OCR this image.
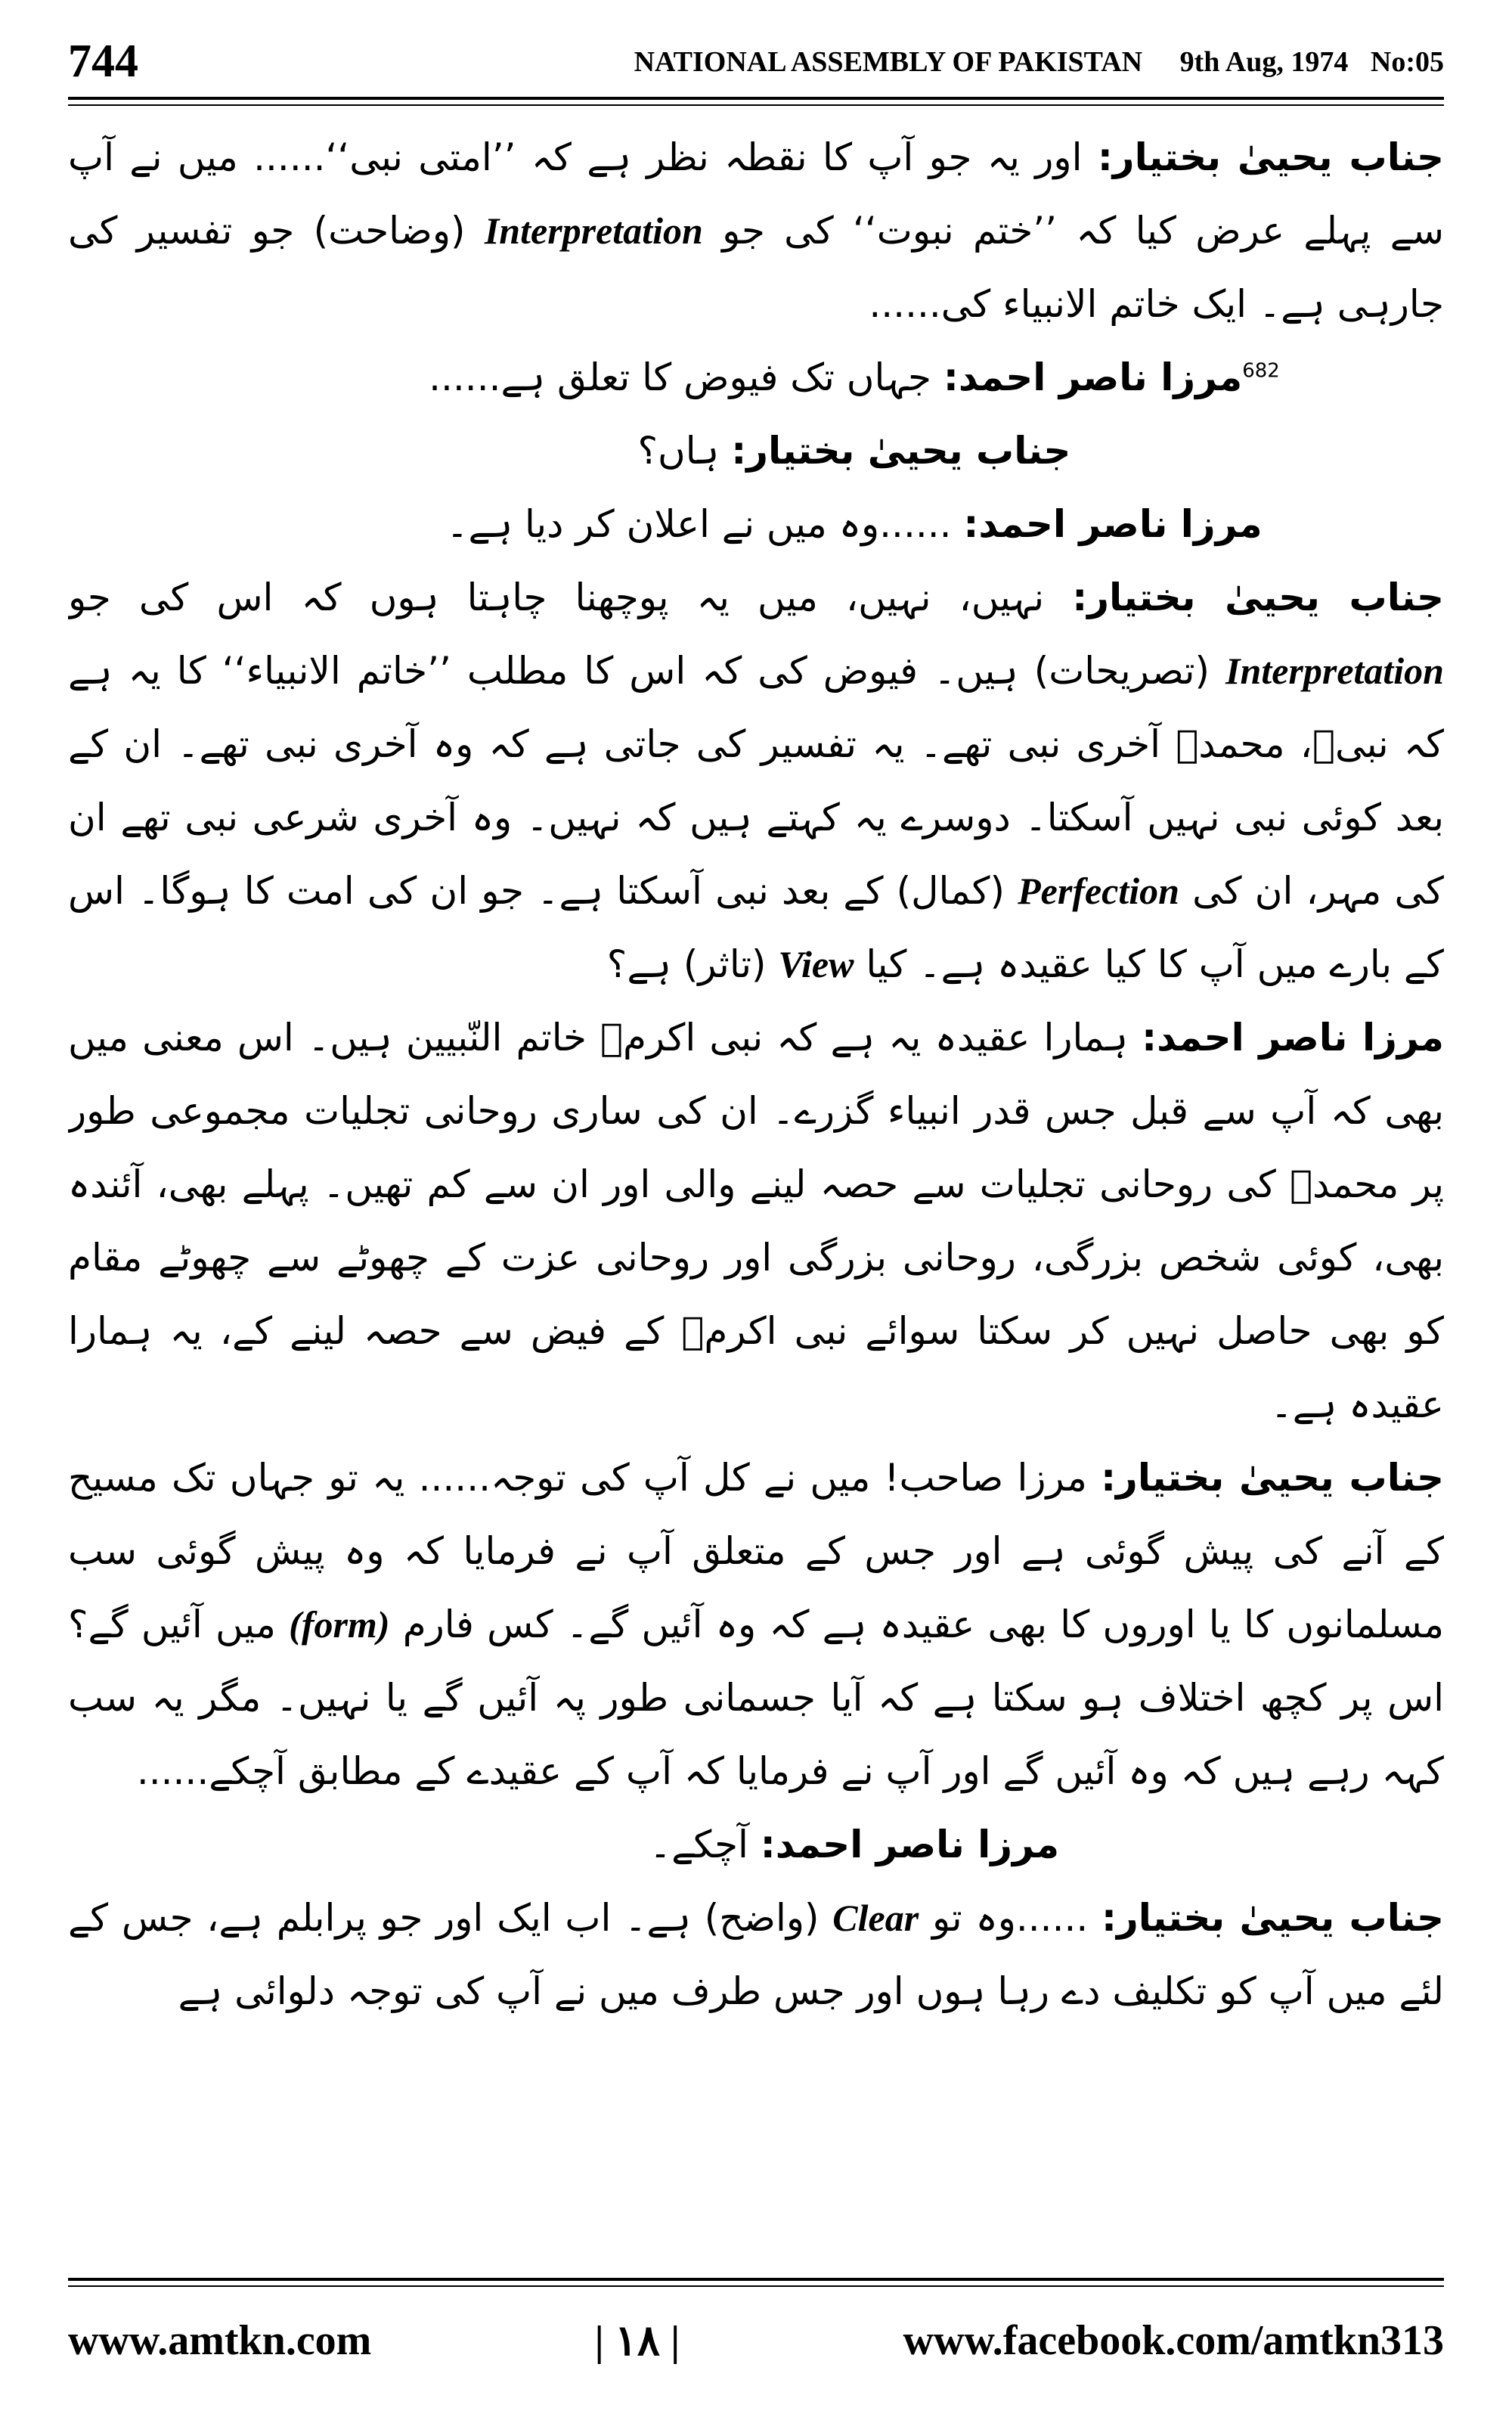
744	NATIONAL ASSEMBLY OF PAKISTAN 9th Aug, 1974 No:05

جناب یحییٰ بختیار: اور یہ جو آپ کا نقطہ نظر ہے کہ ’’امتی نبی‘‘...... میں نے آپ سے پہلے عرض کیا کہ ’’ختم نبوت‘‘ کی جو Interpretation (وضاحت) جو تفسیر کی جارہی ہے۔ ایک خاتم الانبیاء کی......

$^{682}$مرزا ناصر احمد: جہاں تک فیوض کا تعلق ہے......

جناب یحییٰ بختیار: ہاں؟

مرزا ناصر احمد: ......وہ میں نے اعلان کر دیا ہے۔

جناب یحییٰ بختیار: نہیں، نہیں، میں یہ پوچھنا چاہتا ہوں کہ اس کی جو Interpretation (تصریحات) ہیں۔ فیوض کی کہ اس کا مطلب ’’خاتم الانبیاء‘‘ کا یہ ہے کہ نبیؐ، محمدؐ آخری نبی تھے۔ یہ تفسیر کی جاتی ہے کہ وہ آخری نبی تھے۔ ان کے بعد کوئی نبی نہیں آسکتا۔ دوسرے یہ کہتے ہیں کہ نہیں۔ وہ آخری شرعی نبی تھے ان کی مہر، ان کی Perfection (کمال) کے بعد نبی آسکتا ہے۔ جو ان کی امت کا ہوگا۔ اس کے بارے میں آپ کا کیا عقیدہ ہے۔ کیا View (تاثر) ہے؟

مرزا ناصر احمد: ہمارا عقیدہ یہ ہے کہ نبی اکرمؐ خاتم النّبیین ہیں۔ اس معنی میں بھی کہ آپ سے قبل جس قدر انبیاء گزرے۔ ان کی ساری روحانی تجلیات مجموعی طور پر محمدؐ کی روحانی تجلیات سے حصہ لینے والی اور ان سے کم تھیں۔ پہلے بھی، آئندہ بھی، کوئی شخص بزرگی، روحانی بزرگی اور روحانی عزت کے چھوٹے سے چھوٹے مقام کو بھی حاصل نہیں کر سکتا سوائے نبی اکرمؐ کے فیض سے حصہ لینے کے، یہ ہمارا عقیدہ ہے۔

جناب یحییٰ بختیار: مرزا صاحب! میں نے کل آپ کی توجہ...... یہ تو جہاں تک مسیح کے آنے کی پیش گوئی ہے اور جس کے متعلق آپ نے فرمایا کہ وہ پیش گوئی سب مسلمانوں کا یا اوروں کا بھی عقیدہ ہے کہ وہ آئیں گے۔ کس فارم (form) میں آئیں گے؟ اس پر کچھ اختلاف ہو سکتا ہے کہ آیا جسمانی طور پہ آئیں گے یا نہیں۔ مگر یہ سب کہہ رہے ہیں کہ وہ آئیں گے اور آپ نے فرمایا کہ آپ کے عقیدے کے مطابق آچکے......

مرزا ناصر احمد: آچکے۔

جناب یحییٰ بختیار: ......وہ تو Clear (واضح) ہے۔ اب ایک اور جو پرابلم ہے، جس کے لئے میں آپ کو تکلیف دے رہا ہوں اور جس طرف میں نے آپ کی توجہ دلوائی ہے

www.amtkn.com	| ۱۸ |	www.facebook.com/amtkn313
